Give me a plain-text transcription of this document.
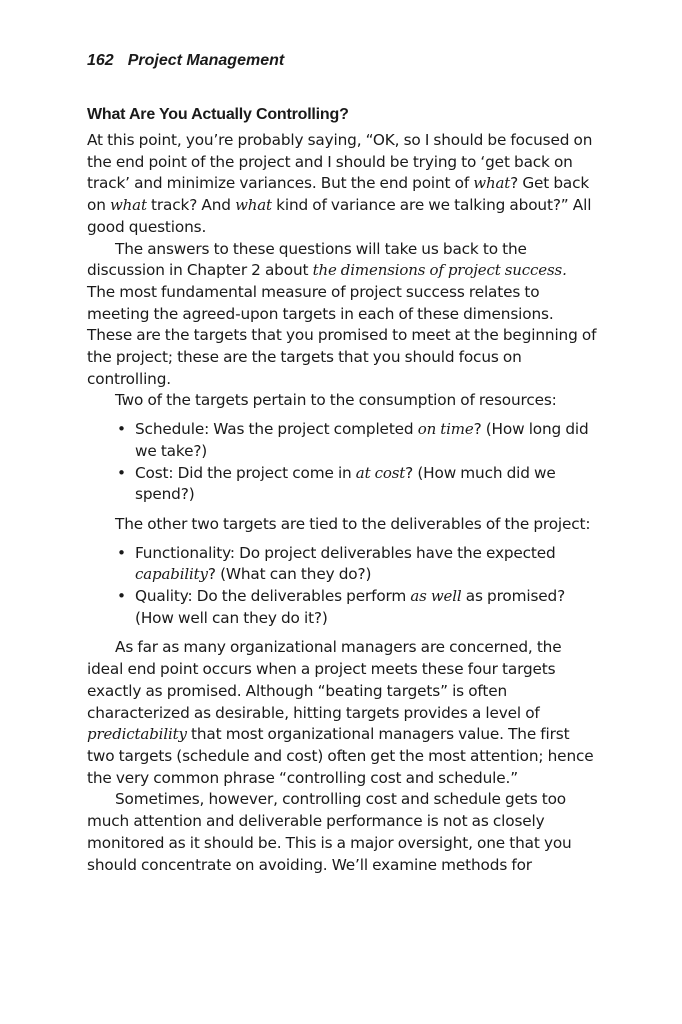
162 Project Management
What Are You Actually Controlling?

At this point, you’re probably saying, “OK, so I should be focused on the end point of the project and I should be trying to ‘get back on track’ and minimize variances. But the end point of what? Get back on what track? And what kind of variance are we talking about?” All good questions.

The answers to these questions will take us back to the discussion in Chapter 2 about the dimensions of project success. The most fundamental measure of project success relates to meeting the agreed-upon targets in each of these dimensions. These are the targets that you promised to meet at the beginning of the project; these are the targets that you should focus on controlling.

Two of the targets pertain to the consumption of resources:

• Schedule: Was the project completed on time? (How long did we take?)
• Cost: Did the project come in at cost? (How much did we spend?)

The other two targets are tied to the deliverables of the project:

• Functionality: Do project deliverables have the expected capability? (What can they do?)
• Quality: Do the deliverables perform as well as promised? (How well can they do it?)

As far as many organizational managers are concerned, the ideal end point occurs when a project meets these four targets exactly as promised. Although “beating targets” is often characterized as desirable, hitting targets provides a level of predictability that most organizational managers value. The first two targets (schedule and cost) often get the most attention; hence the very common phrase “controlling cost and schedule.”

Sometimes, however, controlling cost and schedule gets too much attention and deliverable performance is not as closely monitored as it should be. This is a major oversight, one that you should concentrate on avoiding. We’ll examine methods for
